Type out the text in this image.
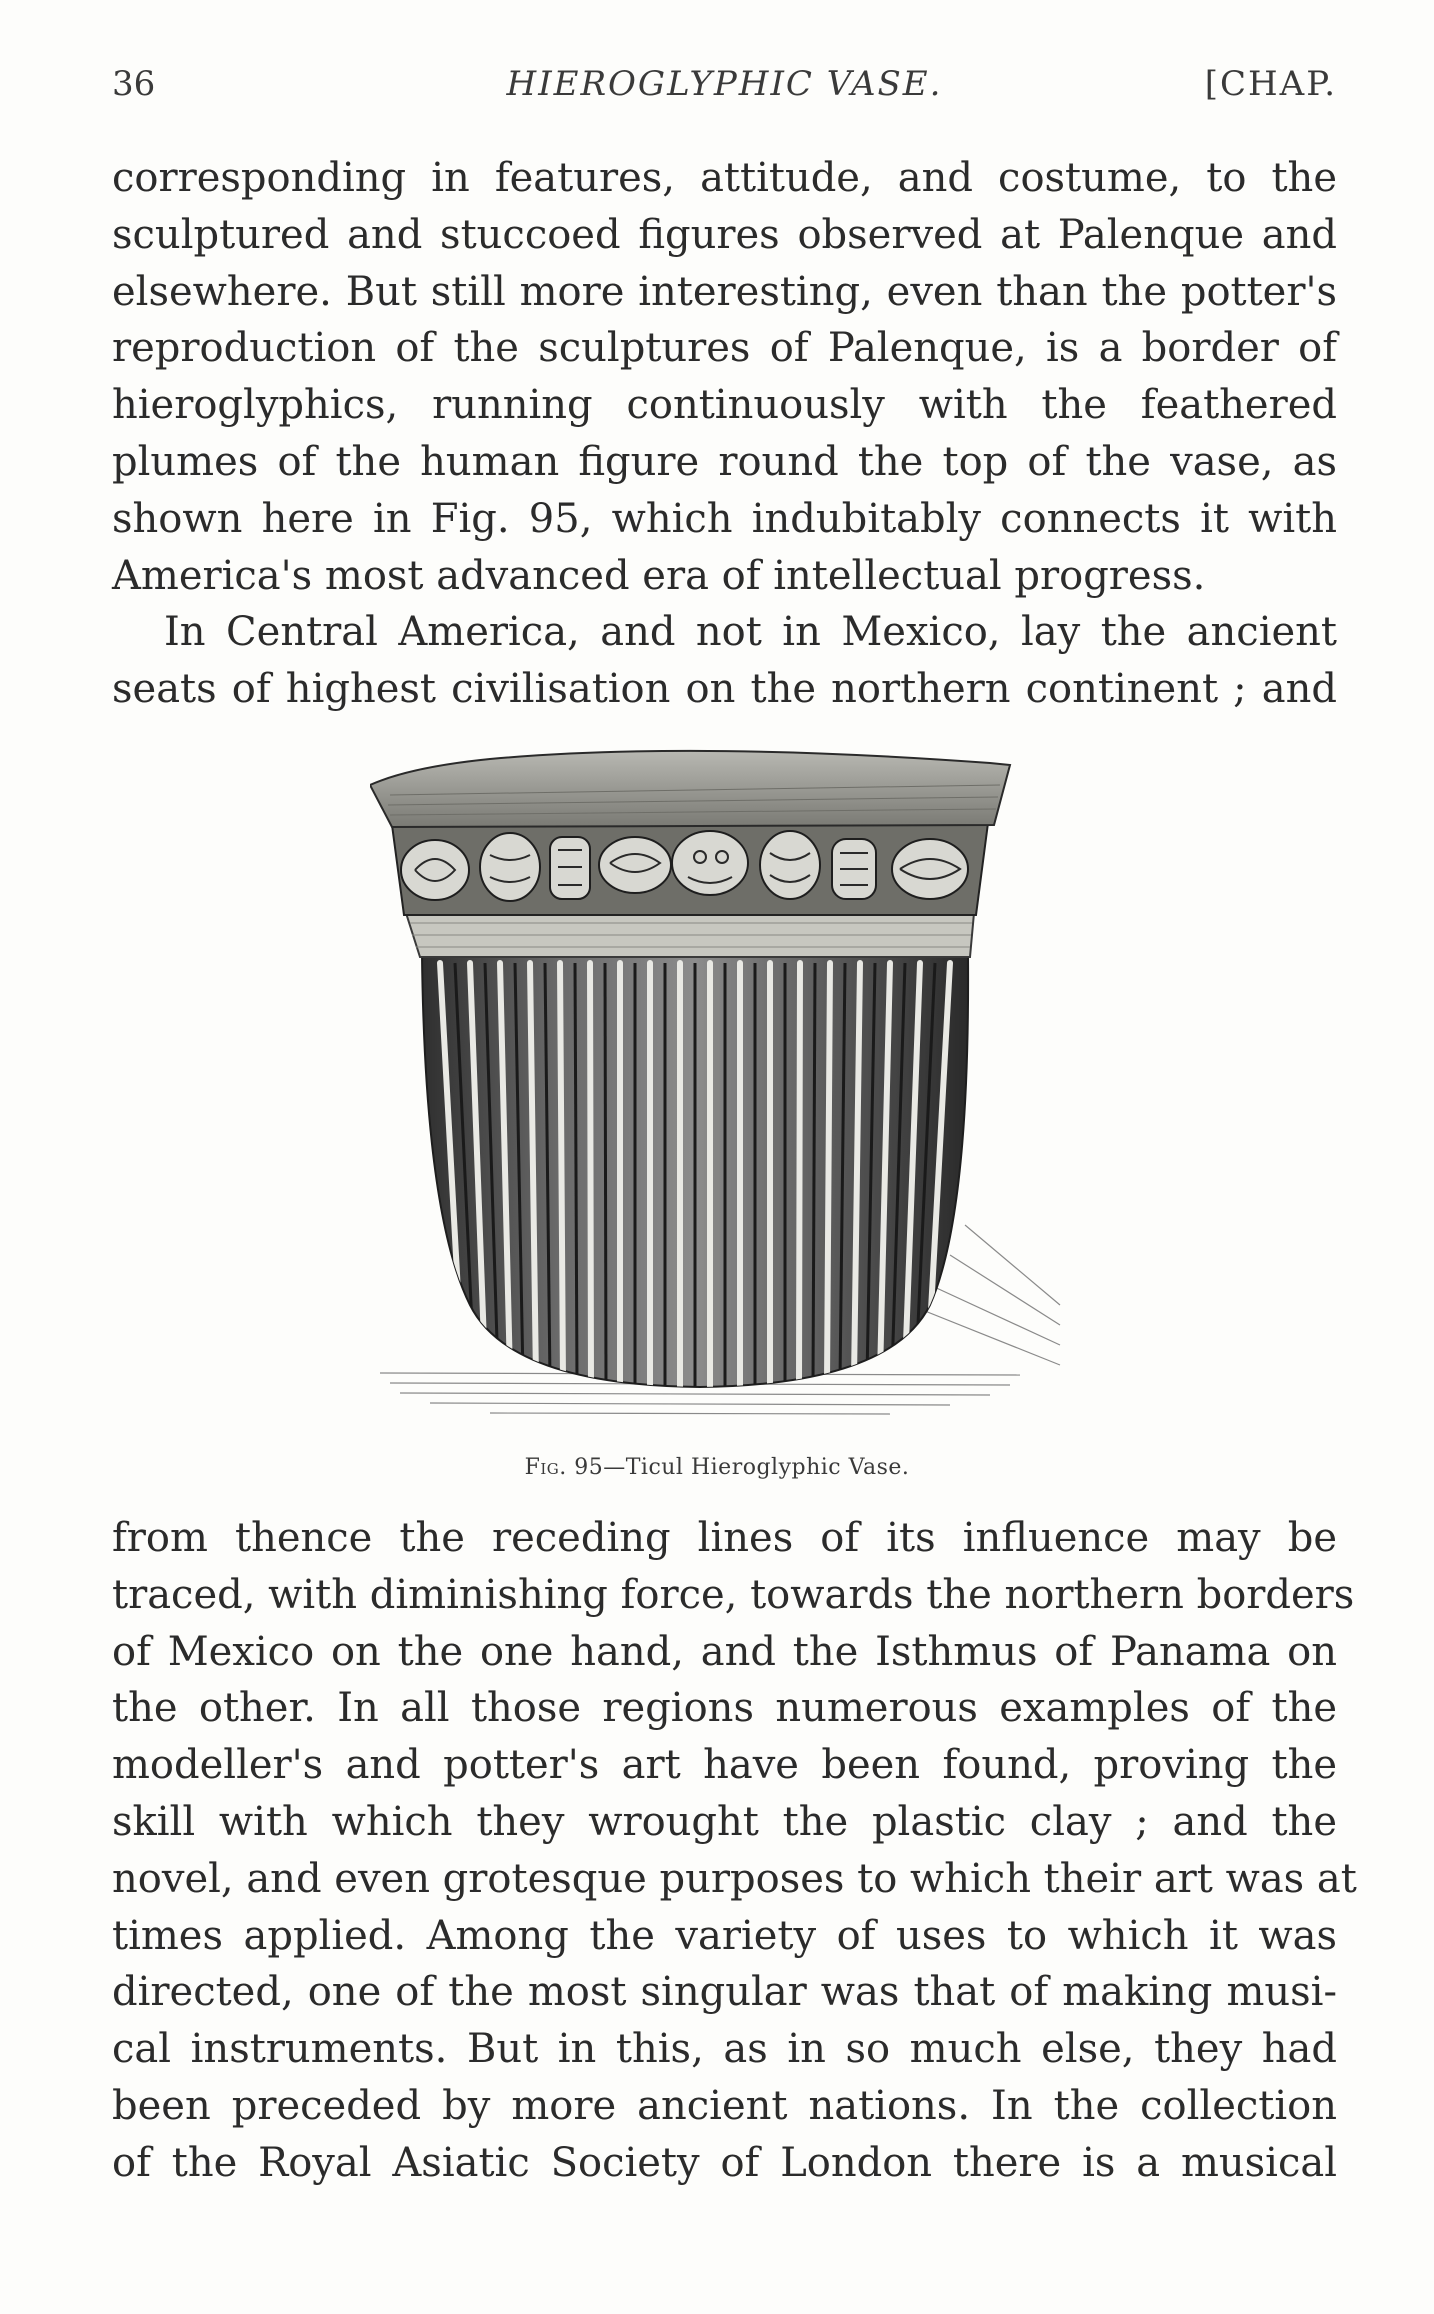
36	HIEROGLYPHIC VASE.	[CHAP.
corresponding in features, attitude, and costume, to the
sculptured and stuccoed figures observed at Palenque and
elsewhere. But still more interesting, even than the potter's
reproduction of the sculptures of Palenque, is a border of
hieroglyphics, running continuously with the feathered
plumes of the human figure round the top of the vase, as
shown here in Fig. 95, which indubitably connects it with
America's most advanced era of intellectual progress.
In Central America, and not in Mexico, lay the ancient
seats of highest civilisation on the northern continent ; and
Fig. 95—Ticul Hieroglyphic Vase.
from thence the receding lines of its influence may be
traced, with diminishing force, towards the northern borders
of Mexico on the one hand, and the Isthmus of Panama on
the other. In all those regions numerous examples of the
modeller's and potter's art have been found, proving the
skill with which they wrought the plastic clay ; and the
novel, and even grotesque purposes to which their art was at
times applied. Among the variety of uses to which it was
directed, one of the most singular was that of making musi-
cal instruments. But in this, as in so much else, they had
been preceded by more ancient nations. In the collection
of the Royal Asiatic Society of London there is a musical
